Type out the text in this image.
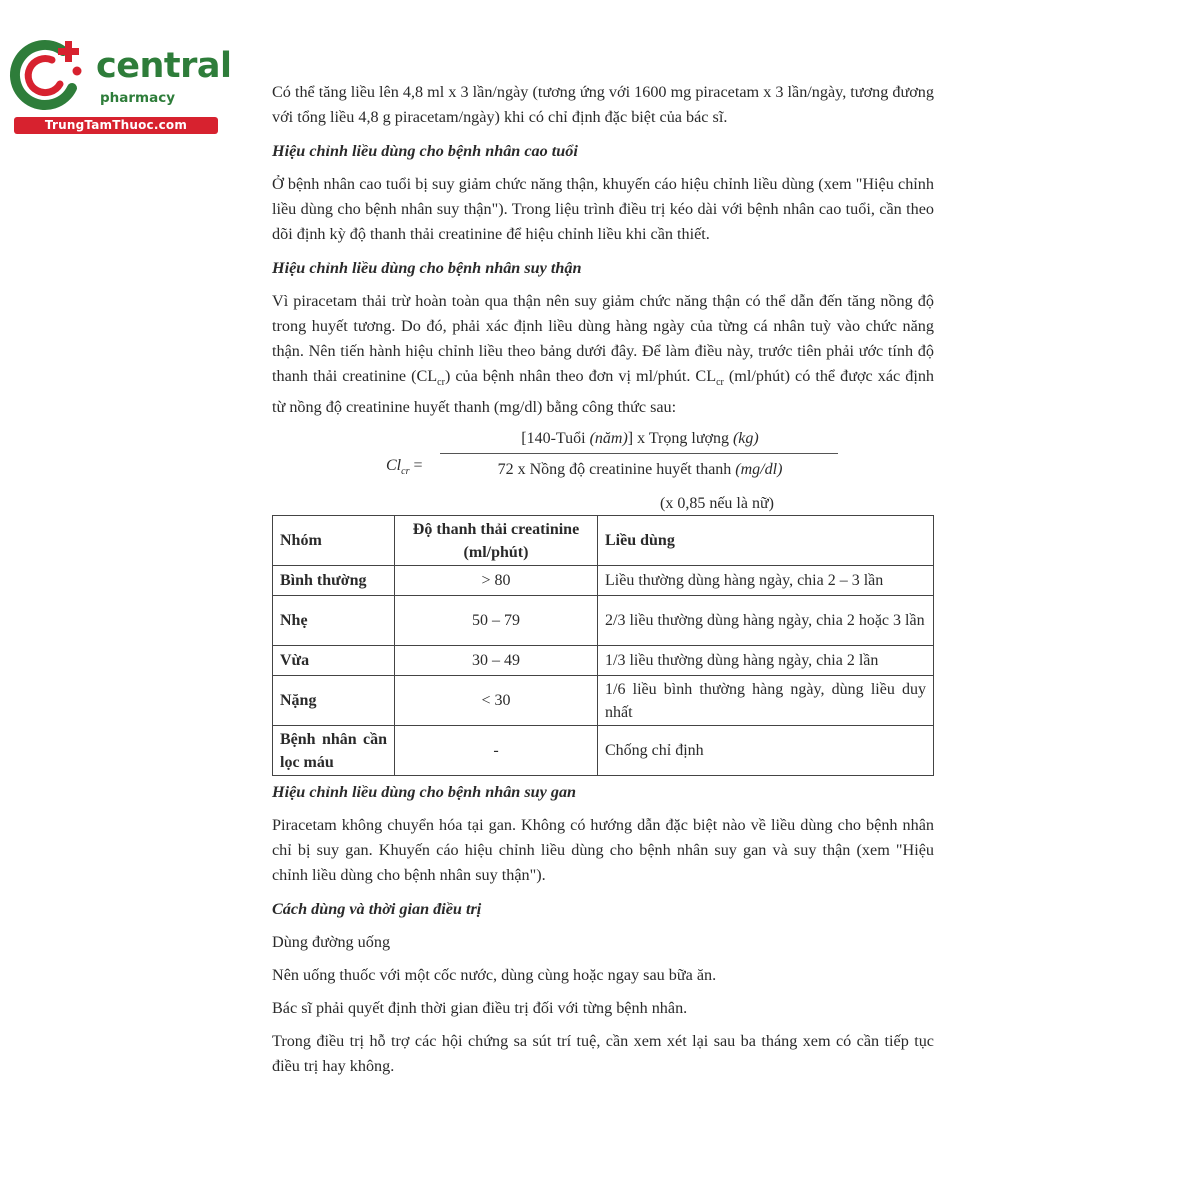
central
pharmacy
TrungTamThuoc.com

Có thể tăng liều lên 4,8 ml x 3 lần/ngày (tương ứng với 1600 mg piracetam x 3 lần/ngày, tương đương với tổng liều 4,8 g piracetam/ngày) khi có chỉ định đặc biệt của bác sĩ.

Hiệu chỉnh liều dùng cho bệnh nhân cao tuổi

Ở bệnh nhân cao tuổi bị suy giảm chức năng thận, khuyến cáo hiệu chỉnh liều dùng (xem "Hiệu chỉnh liều dùng cho bệnh nhân suy thận"). Trong liệu trình điều trị kéo dài với bệnh nhân cao tuổi, cần theo dõi định kỳ độ thanh thải creatinine để hiệu chỉnh liều khi cần thiết.

Hiệu chỉnh liều dùng cho bệnh nhân suy thận

Vì piracetam thải trừ hoàn toàn qua thận nên suy giảm chức năng thận có thể dẫn đến tăng nồng độ trong huyết tương. Do đó, phải xác định liều dùng hàng ngày của từng cá nhân tuỳ vào chức năng thận. Nên tiến hành hiệu chỉnh liều theo bảng dưới đây. Để làm điều này, trước tiên phải ước tính độ thanh thải creatinine $(CL_{cr})$ của bệnh nhân theo đơn vị ml/phút. $CL_{cr}$ (ml/phút) có thể được xác định từ nồng độ creatinine huyết thanh (mg/dl) bằng công thức sau:

$Cl_{cr}$ =
[140-Tuổi (năm)] x Trọng lượng (kg)
72 x Nồng độ creatinine huyết thanh (mg/dl)
(x 0,85 nếu là nữ)
Nhóm	Độ thanh thải creatinine (ml/phút)	Liều dùng
Bình thường	> 80	Liều thường dùng hàng ngày, chia 2 – 3 lần
Nhẹ	50 – 79	2/3 liều thường dùng hàng ngày, chia 2 hoặc 3 lần
Vừa	30 – 49	1/3 liều thường dùng hàng ngày, chia 2 lần
Nặng	< 30	1/6 liều bình thường hàng ngày, dùng liều duy nhất
Bệnh nhân cần lọc máu	-	Chống chỉ định

Hiệu chỉnh liều dùng cho bệnh nhân suy gan

Piracetam không chuyển hóa tại gan. Không có hướng dẫn đặc biệt nào về liều dùng cho bệnh nhân chỉ bị suy gan. Khuyến cáo hiệu chỉnh liều dùng cho bệnh nhân suy gan và suy thận (xem "Hiệu chỉnh liều dùng cho bệnh nhân suy thận").

Cách dùng và thời gian điều trị

Dùng đường uống

Nên uống thuốc với một cốc nước, dùng cùng hoặc ngay sau bữa ăn.

Bác sĩ phải quyết định thời gian điều trị đối với từng bệnh nhân.

Trong điều trị hỗ trợ các hội chứng sa sút trí tuệ, cần xem xét lại sau ba tháng xem có cần tiếp tục điều trị hay không.
